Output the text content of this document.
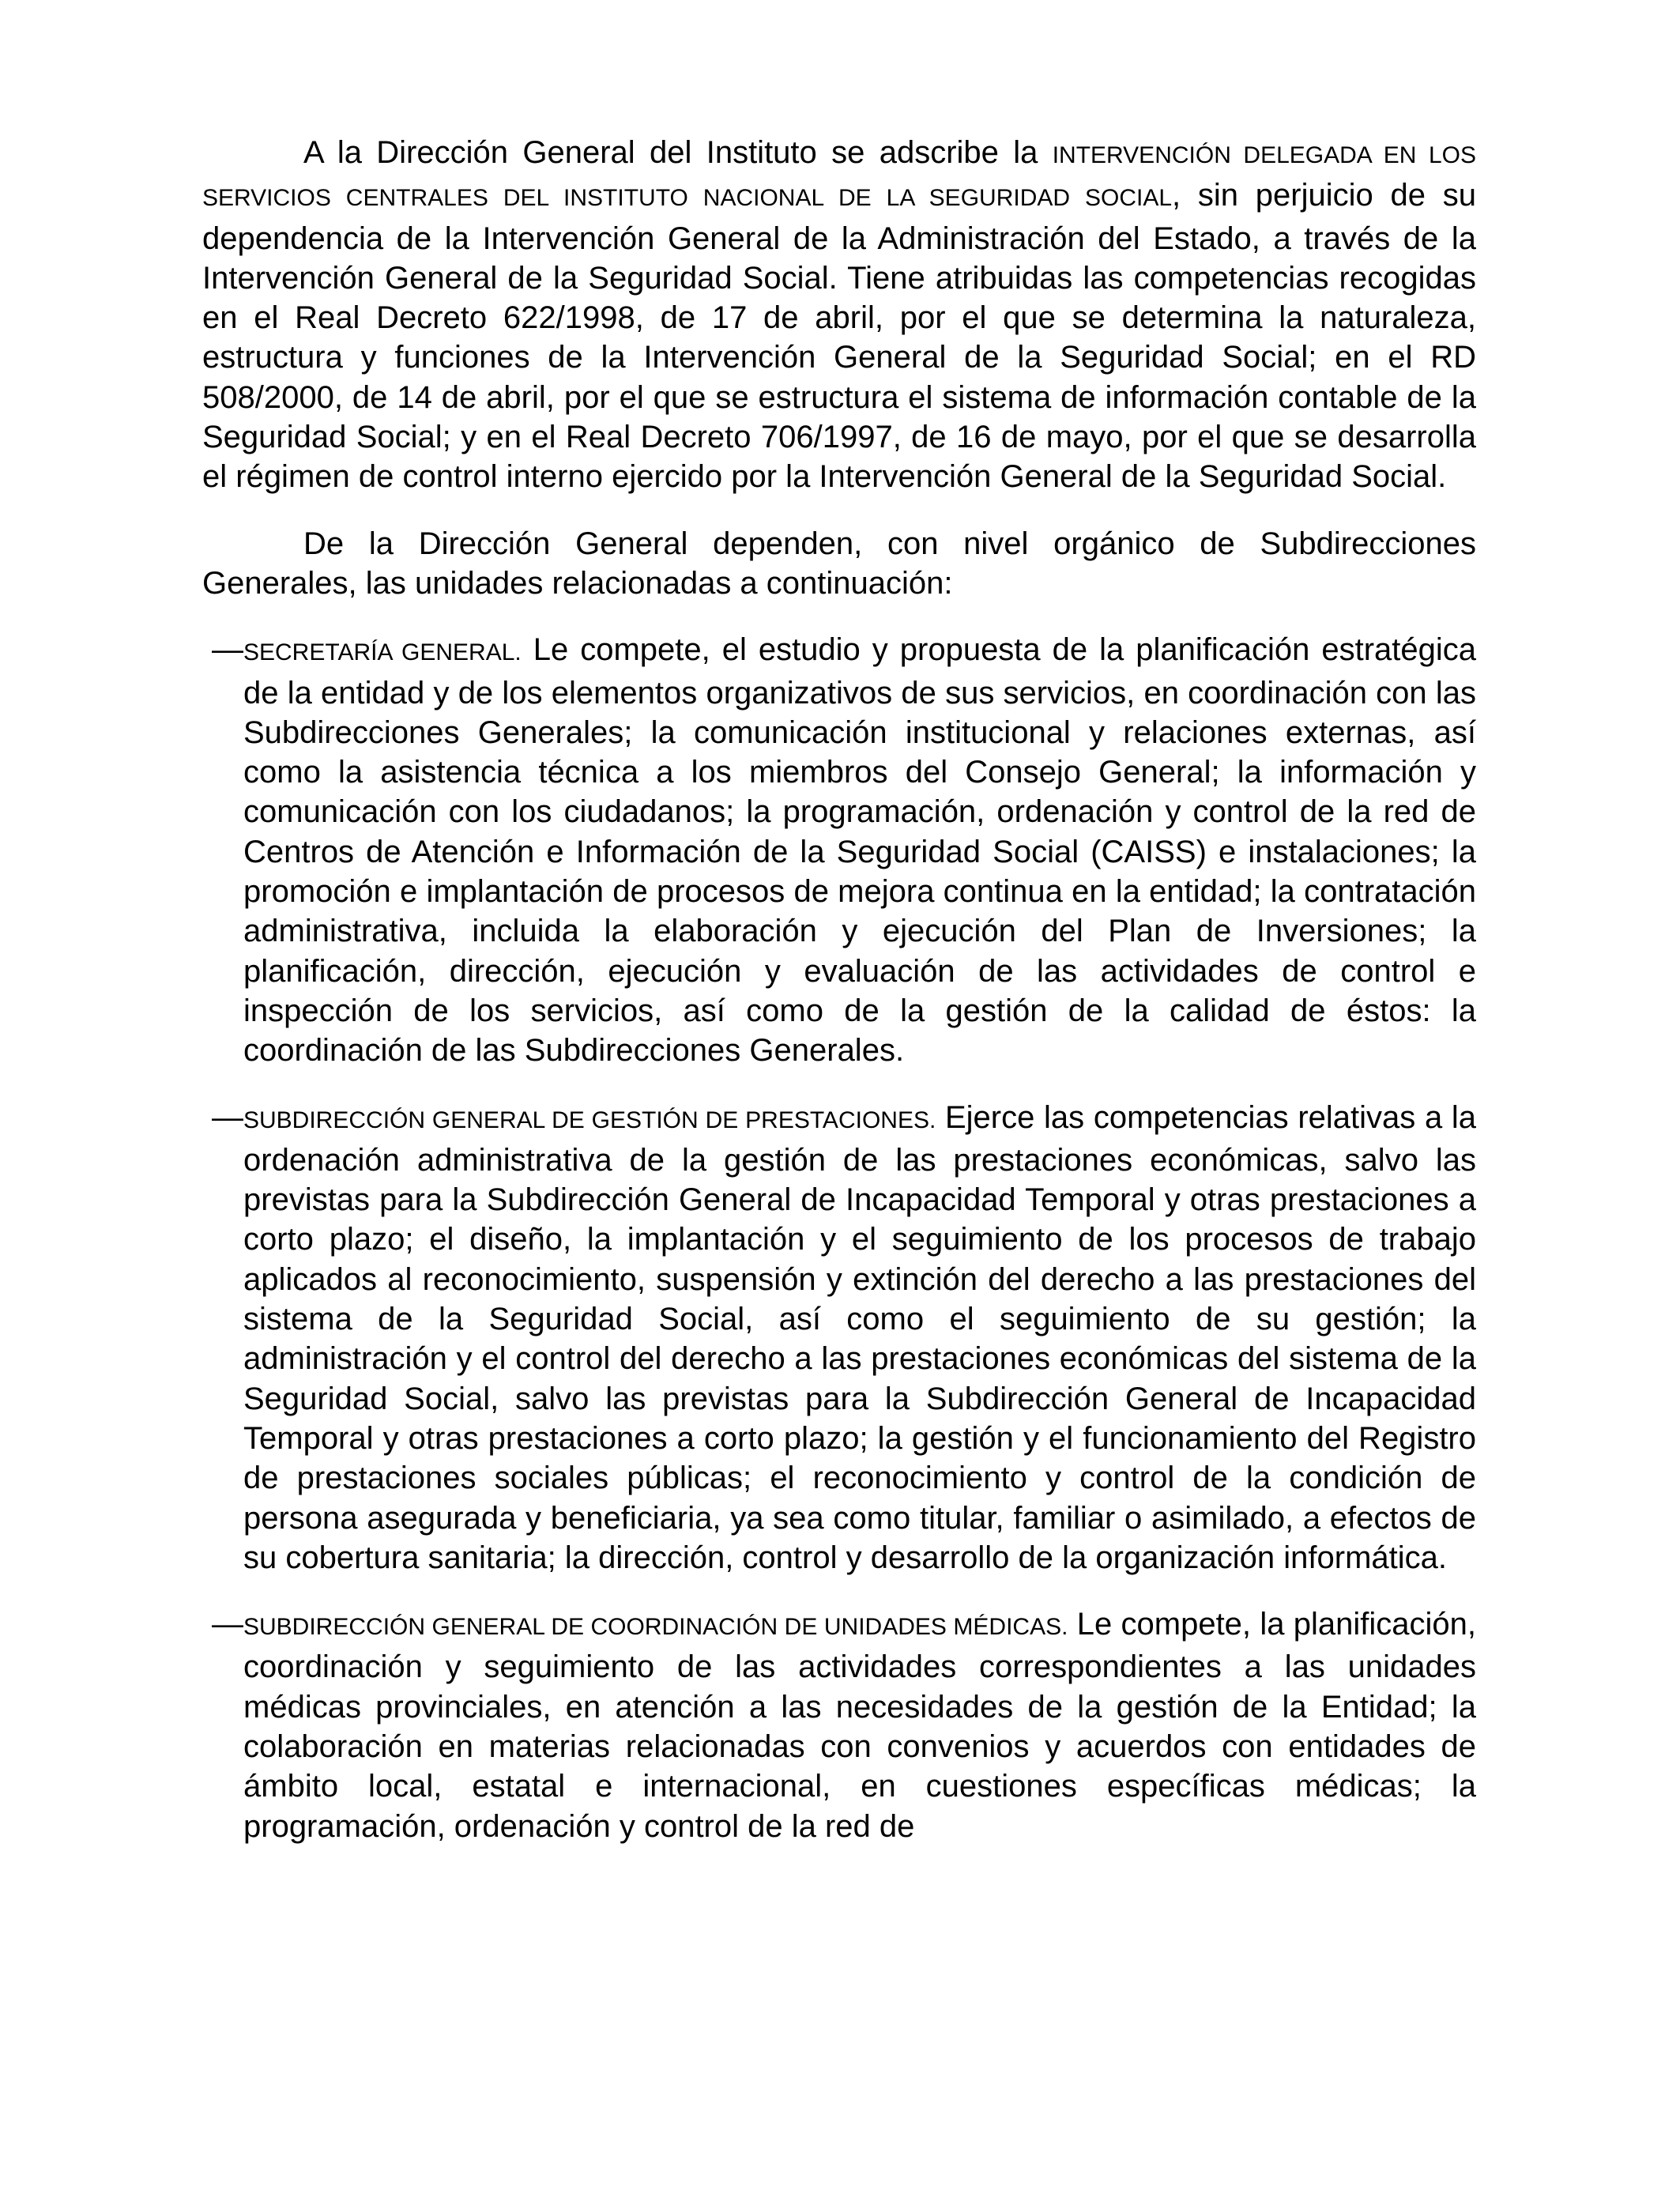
A la Dirección General del Instituto se adscribe la INTERVENCIÓN DELEGADA EN LOS SERVICIOS CENTRALES DEL INSTITUTO NACIONAL DE LA SEGURIDAD SOCIAL, sin perjuicio de su dependencia de la Intervención General de la Administración del Estado, a través de la Intervención General de la Seguridad Social. Tiene atribuidas las competencias recogidas en el Real Decreto 622/1998, de 17 de abril, por el que se determina la naturaleza, estructura y funciones de la Intervención General de la Seguridad Social; en el RD 508/2000, de 14 de abril, por el que se estructura el sistema de información contable de la Seguridad Social; y en el Real Decreto 706/1997, de 16 de mayo, por el que se desarrolla el régimen de control interno ejercido por la Intervención General de la Seguridad Social.

De la Dirección General dependen, con nivel orgánico de Subdirecciones Generales, las unidades relacionadas a continuación:

— SECRETARÍA GENERAL. Le compete, el estudio y propuesta de la planificación estratégica de la entidad y de los elementos organizativos de sus servicios, en coordinación con las Subdirecciones Generales; la comunicación institucional y relaciones externas, así como la asistencia técnica a los miembros del Consejo General; la información y comunicación con los ciudadanos; la programación, ordenación y control de la red de Centros de Atención e Información de la Seguridad Social (CAISS) e instalaciones; la promoción e implantación de procesos de mejora continua en la entidad; la contratación administrativa, incluida la elaboración y ejecución del Plan de Inversiones; la planificación, dirección, ejecución y evaluación de las actividades de control e inspección de los servicios, así como de la gestión de la calidad de éstos: la coordinación de las Subdirecciones Generales.

— SUBDIRECCIÓN GENERAL DE GESTIÓN DE PRESTACIONES. Ejerce las competencias relativas a la ordenación administrativa de la gestión de las prestaciones económicas, salvo las previstas para la Subdirección General de Incapacidad Temporal y otras prestaciones a corto plazo; el diseño, la implantación y el seguimiento de los procesos de trabajo aplicados al reconocimiento, suspensión y extinción del derecho a las prestaciones del sistema de la Seguridad Social, así como el seguimiento de su gestión; la administración y el control del derecho a las prestaciones económicas del sistema de la Seguridad Social, salvo las previstas para la Subdirección General de Incapacidad Temporal y otras prestaciones a corto plazo; la gestión y el funcionamiento del Registro de prestaciones sociales públicas; el reconocimiento y control de la condición de persona asegurada y beneficiaria, ya sea como titular, familiar o asimilado, a efectos de su cobertura sanitaria; la dirección, control y desarrollo de la organización informática.

— SUBDIRECCIÓN GENERAL DE COORDINACIÓN DE UNIDADES MÉDICAS. Le compete, la planificación, coordinación y seguimiento de las actividades correspondientes a las unidades médicas provinciales, en atención a las necesidades de la gestión de la Entidad; la colaboración en materias relacionadas con convenios y acuerdos con entidades de ámbito local, estatal e internacional, en cuestiones específicas médicas; la programación, ordenación y control de la red de
